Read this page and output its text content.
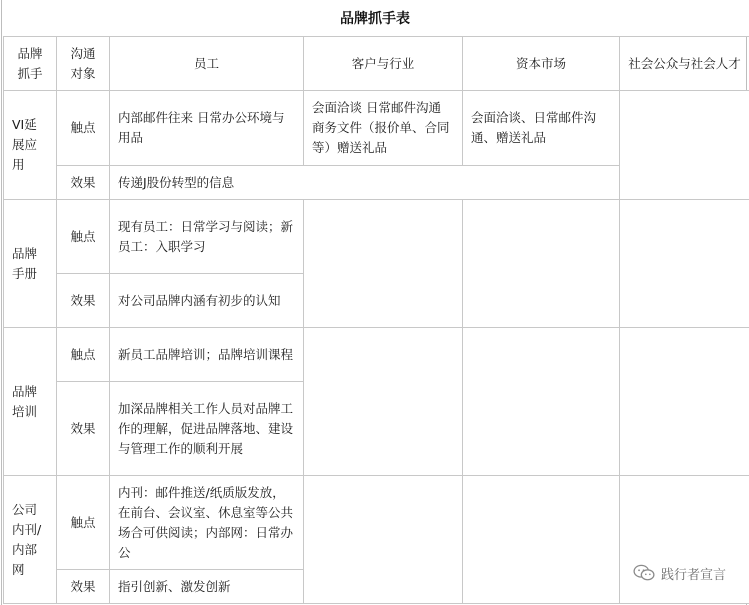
品牌抓手表
品牌抓手	沟通对象	员工	客户与行业	资本市场	社会公众与社会人才
VI延展应用	触点	内部邮件往来 日常办公环境与用品	会面洽谈 日常邮件沟通 商务文件（报价单、合同等）赠送礼品	会面洽谈、日常邮件沟通、赠送礼品	
	效果	传递J股份转型的信息			
品牌手册	触点	现有员工：日常学习与阅读；新员工：入职学习			
	效果	对公司品牌内涵有初步的认知			
品牌培训	触点	新员工品牌培训；品牌培训课程			
	效果	加深品牌相关工作人员对品牌工作的理解，促进品牌落地、建设与管理工作的顺利开展			
公司内刊/内部网	触点	内刊：邮件推送/纸质版发放，在前台、会议室、休息室等公共场合可供阅读；内部网：日常办公			
	效果	指引创新、激发创新			
践行者宣言
